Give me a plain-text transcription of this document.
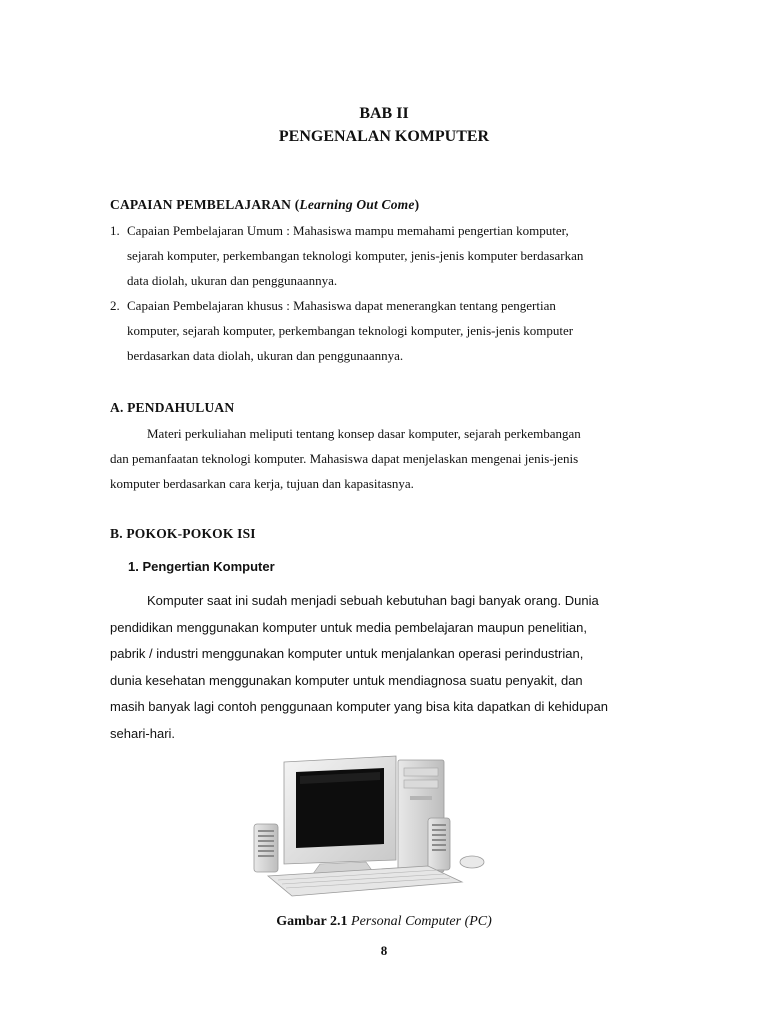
BAB II
PENGENALAN KOMPUTER
CAPAIAN PEMBELAJARAN (Learning Out Come)
1. Capaian Pembelajaran Umum : Mahasiswa mampu memahami pengertian komputer,
sejarah komputer, perkembangan teknologi komputer, jenis-jenis komputer berdasarkan
data diolah, ukuran dan penggunaannya.
2. Capaian Pembelajaran khusus : Mahasiswa dapat menerangkan tentang pengertian
komputer, sejarah komputer, perkembangan teknologi komputer, jenis-jenis komputer
berdasarkan data diolah, ukuran dan penggunaannya.
A. PENDAHULUAN
Materi perkuliahan meliputi tentang konsep dasar komputer, sejarah perkembangan
dan pemanfaatan teknologi komputer. Mahasiswa dapat menjelaskan mengenai jenis-jenis
komputer berdasarkan cara kerja, tujuan dan kapasitasnya.
B. POKOK-POKOK ISI
1. Pengertian Komputer
Komputer saat ini sudah menjadi sebuah kebutuhan bagi banyak orang. Dunia
pendidikan menggunakan komputer untuk media pembelajaran maupun penelitian,
pabrik / industri menggunakan komputer untuk menjalankan operasi perindustrian,
dunia kesehatan menggunakan komputer untuk mendiagnosa suatu penyakit, dan
masih banyak lagi contoh penggunaan komputer yang bisa kita dapatkan di kehidupan
sehari-hari.
Gambar 2.1 Personal Computer (PC)
8
